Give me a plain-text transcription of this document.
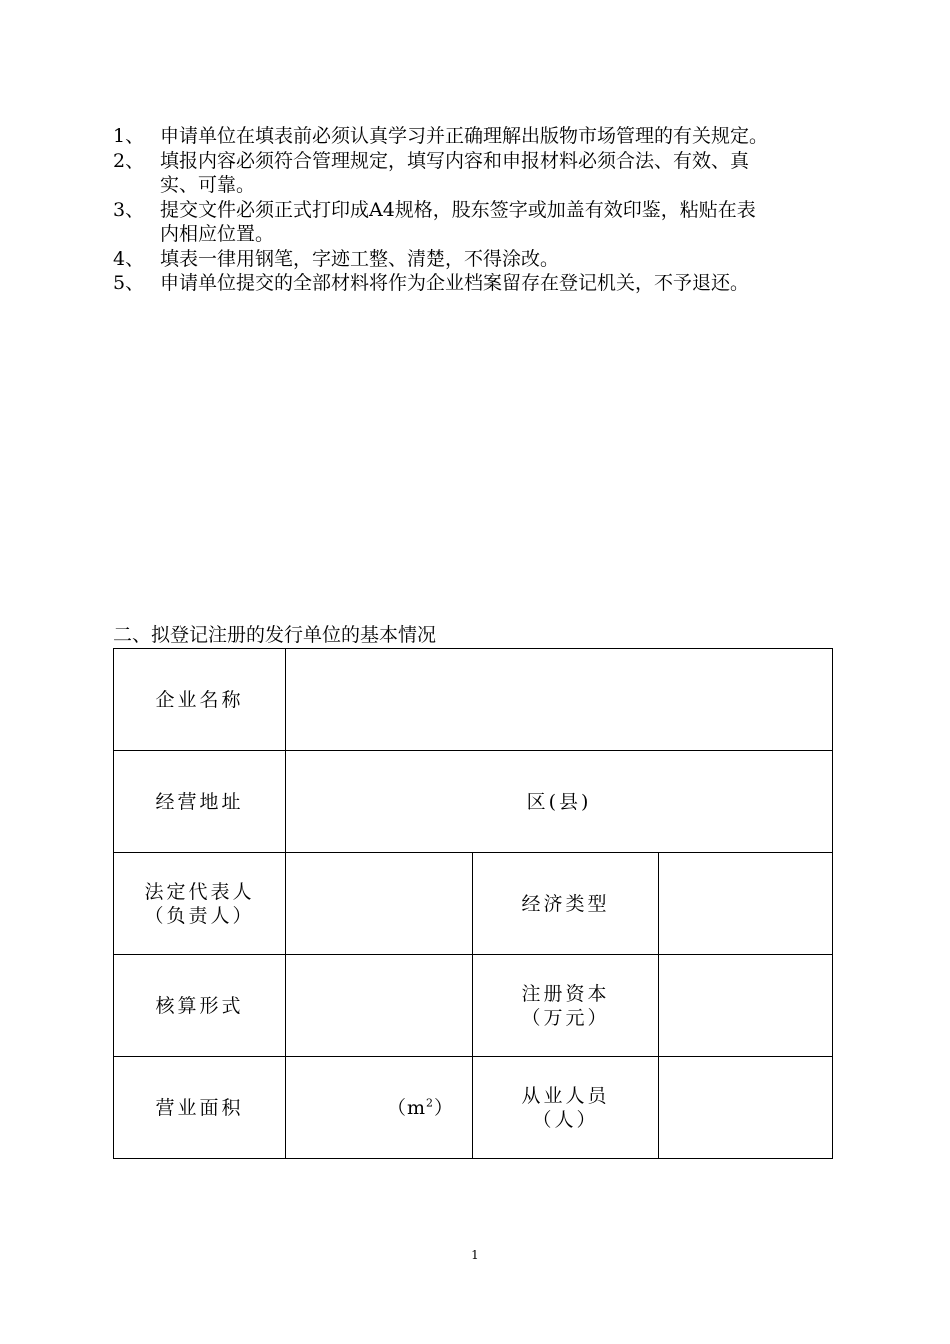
1、 申请单位在填表前必须认真学习并正确理解出版物市场管理的有关规定。
2、 填报内容必须符合管理规定，填写内容和申报材料必须合法、有效、真实、可靠。
3、 提交文件必须正式打印成A4规格，股东签字或加盖有效印鉴，粘贴在表内相应位置。
4、 填表一律用钢笔，字迹工整、清楚，不得涂改。
5、 申请单位提交的全部材料将作为企业档案留存在登记机关，不予退还。
二、拟登记注册的发行单位的基本情况
企业名称			
经营地址	区(县)		

法定代表人
（负责人）		经济类型	
核算形式		注册资本
（万元）	

营业面积	$(m^2)$	从业人员
（人）	

1
